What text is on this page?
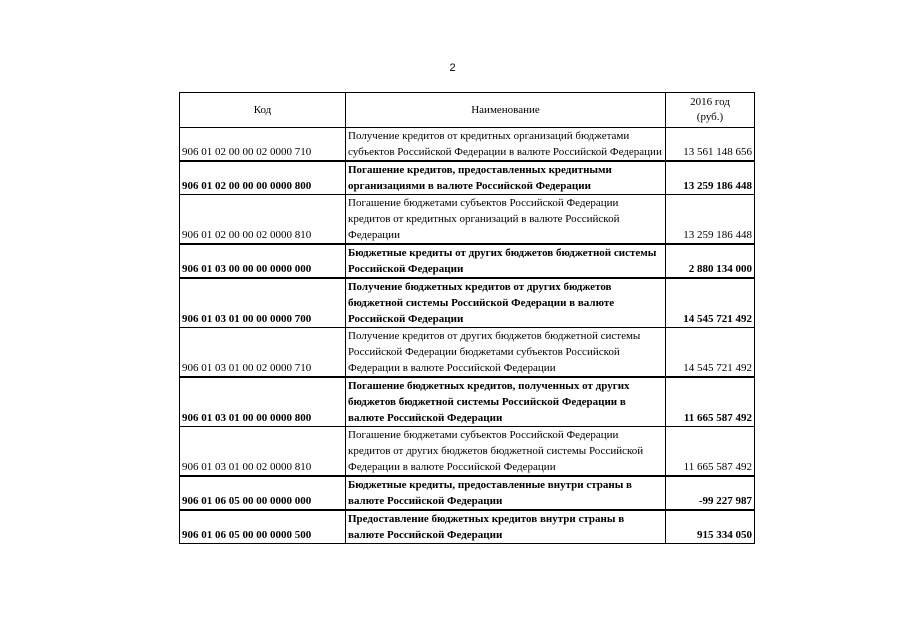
2
Код	Наименование	2016 год
(руб.)
906 01 02 00 00 02 0000 710	Получение кредитов от кредитных организаций бюджетами субъектов Российской Федерации в валюте Российской Федерации	13 561 148 656
906 01 02 00 00 00 0000 800	Погашение кредитов, предоставленных кредитными организациями в валюте Российской Федерации	13 259 186 448
906 01 02 00 00 02 0000 810	Погашение бюджетами субъектов Российской Федерации кредитов от кредитных организаций в валюте Российской Федерации	13 259 186 448
906 01 03 00 00 00 0000 000	Бюджетные кредиты от других бюджетов бюджетной системы Российской Федерации	2 880 134 000
906 01 03 01 00 00 0000 700	Получение бюджетных кредитов от других бюджетов бюджетной системы Российской Федерации в валюте Российской Федерации	14 545 721 492
906 01 03 01 00 02 0000 710	Получение кредитов от других бюджетов бюджетной системы Российской Федерации бюджетами субъектов Российской Федерации в валюте Российской Федерации	14 545 721 492
906 01 03 01 00 00 0000 800	Погашение бюджетных кредитов, полученных от других бюджетов бюджетной системы Российской Федерации в валюте Российской Федерации	11 665 587 492
906 01 03 01 00 02 0000 810	Погашение бюджетами субъектов Российской Федерации кредитов от других бюджетов бюджетной системы Российской Федерации в валюте Российской Федерации	11 665 587 492
906 01 06 05 00 00 0000 000	Бюджетные кредиты, предоставленные внутри страны в валюте Российской Федерации	-99 227 987
906 01 06 05 00 00 0000 500	Предоставление бюджетных кредитов внутри страны в валюте Российской Федерации	915 334 050
